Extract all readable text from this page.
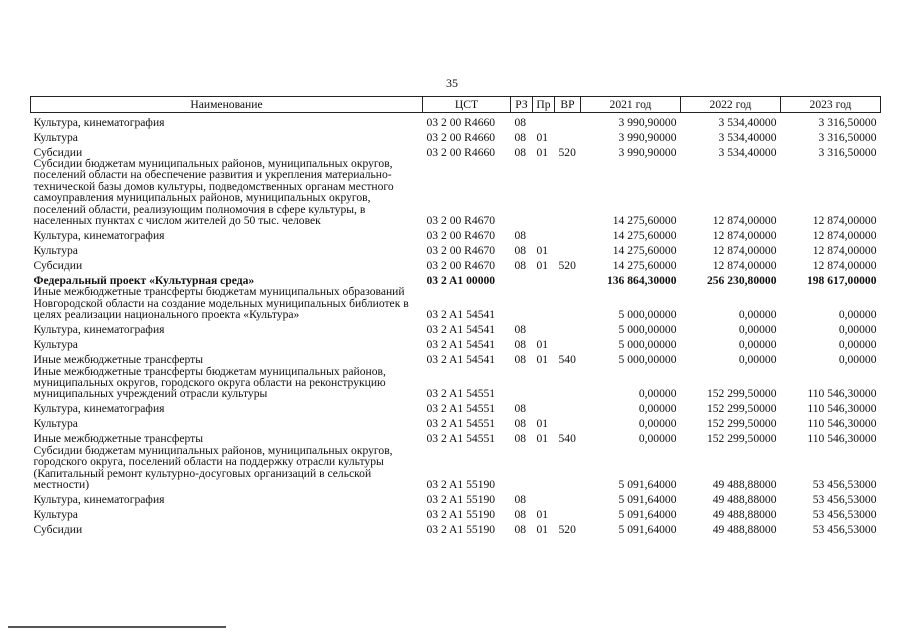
35
Наименование	ЦСТ	РЗ	Пр	ВР	2021 год	2022 год	2023 год
Культура, кинематография	03 2 00 R4660	08			3 990,90000	3 534,40000	3 316,50000
Культура	03 2 00 R4660	08	01		3 990,90000	3 534,40000	3 316,50000
Субсидии	03 2 00 R4660	08	01	520	3 990,90000	3 534,40000	3 316,50000
Субсидии бюджетам муниципальных районов, муниципальных округов, поселений области на обеспечение развития и укрепления материально-технической базы домов культуры, подведомственных органам местного самоуправления муниципальных районов, муниципальных округов, поселений области, реализующим полномочия в сфере культуры, в населенных пунктах с числом жителей до 50 тыс. человек	03 2 00 R4670				14 275,60000	12 874,00000	12 874,00000
Культура, кинематография	03 2 00 R4670	08			14 275,60000	12 874,00000	12 874,00000
Культура	03 2 00 R4670	08	01		14 275,60000	12 874,00000	12 874,00000
Субсидии	03 2 00 R4670	08	01	520	14 275,60000	12 874,00000	12 874,00000
Федеральный проект «Культурная среда»	03 2 A1 00000				136 864,30000	256 230,80000	198 617,00000
Иные межбюджетные трансферты бюджетам муниципальных образований Новгородской области на создание модельных муниципальных библиотек в целях реализации национального проекта «Культура»	03 2 A1 54541				5 000,00000	0,00000	0,00000
Культура, кинематография	03 2 A1 54541	08			5 000,00000	0,00000	0,00000
Культура	03 2 A1 54541	08	01		5 000,00000	0,00000	0,00000
Иные межбюджетные трансферты	03 2 A1 54541	08	01	540	5 000,00000	0,00000	0,00000
Иные межбюджетные трансферты бюджетам муниципальных районов, муниципальных округов, городского округа области на реконструкцию муниципальных учреждений отрасли культуры	03 2 A1 54551				0,00000	152 299,50000	110 546,30000
Культура, кинематография	03 2 A1 54551	08			0,00000	152 299,50000	110 546,30000
Культура	03 2 A1 54551	08	01		0,00000	152 299,50000	110 546,30000
Иные межбюджетные трансферты	03 2 A1 54551	08	01	540	0,00000	152 299,50000	110 546,30000
Субсидии бюджетам муниципальных районов, муниципальных округов, городского округа, поселений области на поддержку отрасли культуры (Капитальный ремонт культурно-досуговых организаций в сельской местности)	03 2 A1 55190				5 091,64000	49 488,88000	53 456,53000
Культура, кинематография	03 2 A1 55190	08			5 091,64000	49 488,88000	53 456,53000
Культура	03 2 A1 55190	08	01		5 091,64000	49 488,88000	53 456,53000
Субсидии	03 2 A1 55190	08	01	520	5 091,64000	49 488,88000	53 456,53000
